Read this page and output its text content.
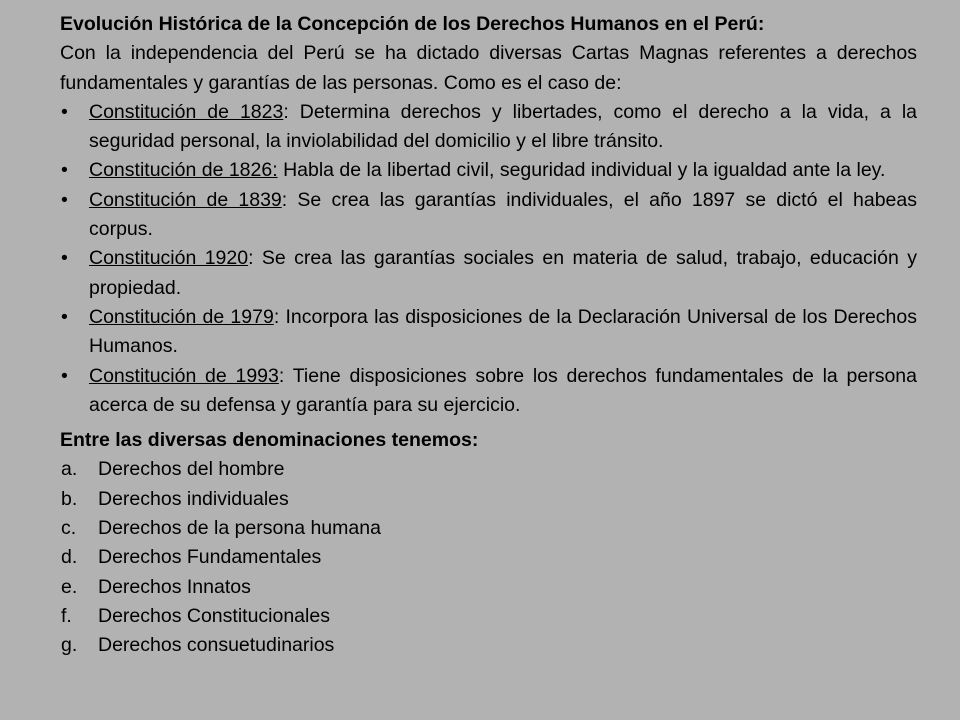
Evolución Histórica de la Concepción de los Derechos Humanos en el Perú:

Con la independencia del Perú se ha dictado diversas Cartas Magnas referentes a derechos fundamentales y garantías de las personas. Como es el caso de:

• Constitución de 1823: Determina derechos y libertades, como el derecho a la vida, a la seguridad personal, la inviolabilidad del domicilio y el libre tránsito.
• Constitución de 1826: Habla de la libertad civil, seguridad individual y la igualdad ante la ley.
• Constitución de 1839: Se crea las garantías individuales, el año 1897 se dictó el habeas corpus.
• Constitución 1920: Se crea las garantías sociales en materia de salud, trabajo, educación y propiedad.
• Constitución de 1979: Incorpora las disposiciones de la Declaración Universal de los Derechos Humanos.
• Constitución de 1993: Tiene disposiciones sobre los derechos fundamentales de la persona acerca de su defensa y garantía para su ejercicio.

Entre las diversas denominaciones tenemos:

a. Derechos del hombre
b. Derechos individuales
c. Derechos de la persona humana
d. Derechos Fundamentales
e. Derechos Innatos
f. Derechos Constitucionales
g. Derechos consuetudinarios
